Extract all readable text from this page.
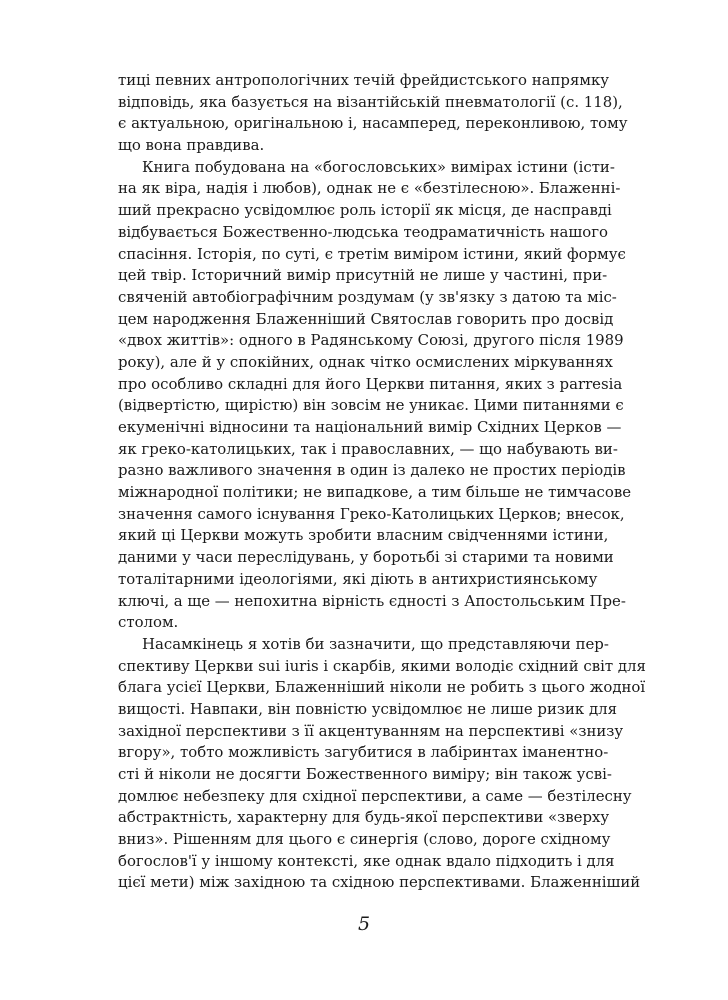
тиці певних антропологічних течій фрейдистського напрямку
відповідь, яка базується на візантійській пневматології (с. 118),
є актуальною, оригінальною і, насамперед, переконливою, тому
що вона правдива.
Книга побудована на «богословських» вимірах істини (істи-
на як віра, надія і любов), однак не є «безтілесною». Блаженні-
ший прекрасно усвідомлює роль історії як місця, де насправді
відбувається Божественно-людська теодраматичність нашого
спасіння. Історія, по суті, є третім виміром істини, який формує
цей твір. Історичний вимір присутній не лише у частині, при-
свяченій автобіографічним роздумам (у зв'язку з датою та міс-
цем народження Блаженніший Святослав говорить про досвід
«двох життів»: одного в Радянському Союзі, другого після 1989
року), але й у спокійних, однак чітко осмислених міркуваннях
про особливо складні для його Церкви питання, яких з parresia
(відвертістю, щирістю) він зовсім не уникає. Цими питаннями є
екуменічні відносини та національний вимір Східних Церков —
як греко-католицьких, так і православних, — що набувають ви-
разно важливого значення в один із далеко не простих періодів
міжнародної політики; не випадкове, а тим більше не тимчасове
значення самого існування Греко-Католицьких Церков; внесок,
який ці Церкви можуть зробити власним свідченнями істини,
даними у часи переслідувань, у боротьбі зі старими та новими
тоталітарними ідеологіями, які діють в антихристиянському
ключі, а ще — непохитна вірність єдності з Апостольським Пре-
столом.
Насамкінець я хотів би зазначити, що представляючи пер-
спективу Церкви sui iuris і скарбів, якими володіє східний світ для
блага усієї Церкви, Блаженніший ніколи не робить з цього жодної
вищості. Навпаки, він повністю усвідомлює не лише ризик для
західної перспективи з її акцентуванням на перспективі «знизу
вгору», тобто можливість загубитися в лабіринтах іманентно-
сті й ніколи не досягти Божественного виміру; він також усві-
домлює небезпеку для східної перспективи, а саме — безтілесну
абстрактність, характерну для будь-якої перспективи «зверху
вниз». Рішенням для цього є синергія (слово, дороге східному
богослов'ї у іншому контексті, яке однак вдало підходить і для
цієї мети) між західною та східною перспективами. Блаженніший
5
